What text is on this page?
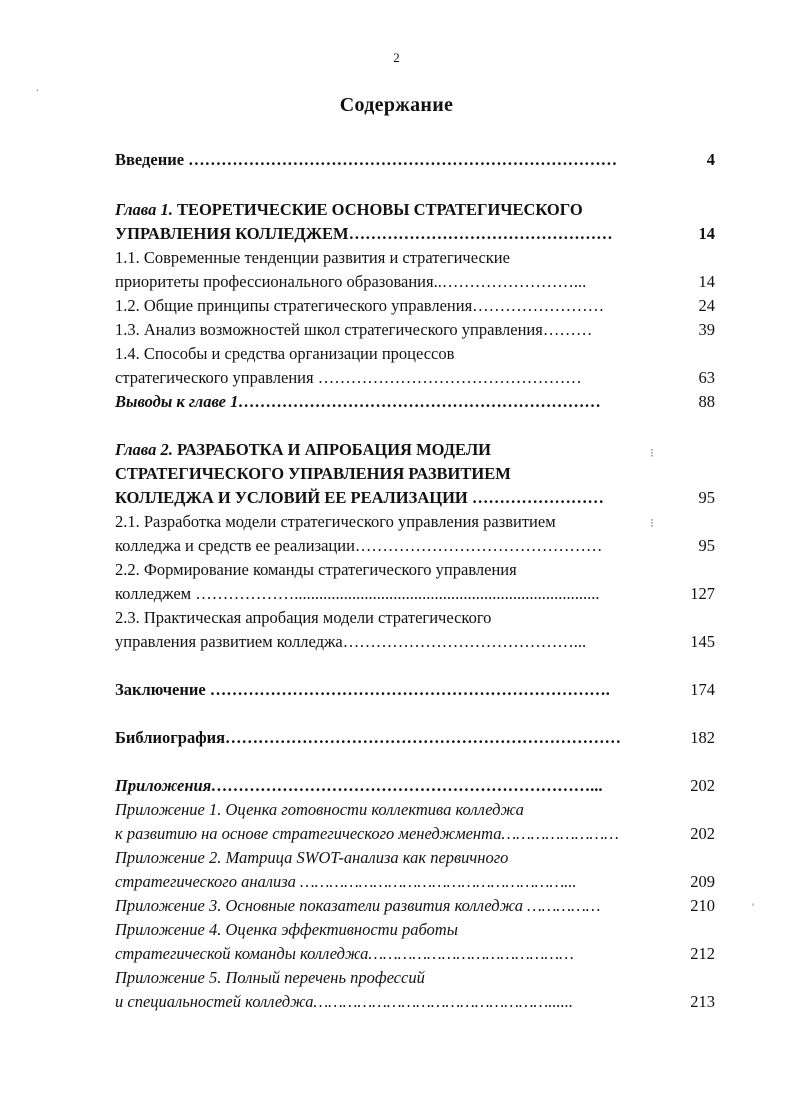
2
Содержание
Введение ……………………………………………………………………	4
Глава 1. ТЕОРЕТИЧЕСКИЕ ОСНОВЫ СТРАТЕГИЧЕСКОГО
УПРАВЛЕНИЯ КОЛЛЕДЖЕМ…………………………………………	14
1.1. Современные тенденции развития и стратегические
приоритеты профессионального образования..……………………...	14
1.2. Общие принципы стратегического управления……………………	24
1.3. Анализ возможностей школ стратегического управления………	39
1.4. Способы и средства организации процессов
стратегического управления …………………………………………	63
Выводы к главе 1…………………………………………………………	88
Глава 2. РАЗРАБОТКА И АПРОБАЦИЯ МОДЕЛИ
СТРАТЕГИЧЕСКОГО УПРАВЛЕНИЯ РАЗВИТИЕМ
КОЛЛЕДЖА И УСЛОВИЙ ЕЕ РЕАЛИЗАЦИИ ……………………	95
2.1. Разработка модели стратегического управления развитием
колледжа и средств ее реализации………………………………………	95
2.2. Формирование команды стратегического управления
колледжем ………………..........................................................................	127
2.3. Практическая апробация модели стратегического
управления развитием колледжа……………………………………...	145
Заключение ……………………………………………………………….	174
Библиография………………………………………………………………	182
Приложения……………………………………………………………...	202
Приложение 1. Оценка готовности коллектива колледжа
к развитию на основе стратегического менеджмента……………………	202
Приложение 2. Матрица SWOT-анализа как первичного
стратегического анализа ………………………………………………...	209
Приложение 3. Основные показатели развития колледжа ……………	210
Приложение 4. Оценка эффективности работы
стратегической команды колледжа……………………………………	212
Приложение 5. Полный перечень профессий
и специальностей колледжа…………………………………………......	213
.
⁝
⁝
'
